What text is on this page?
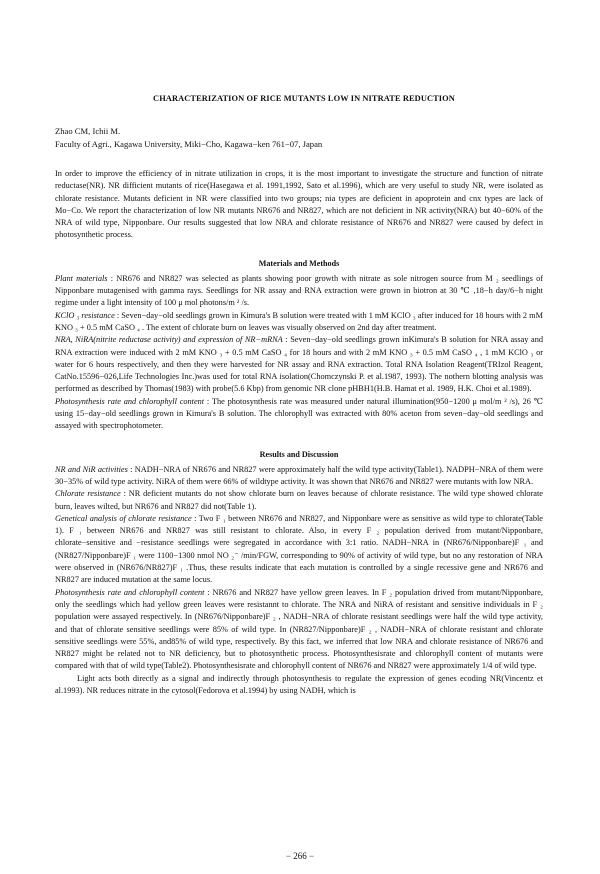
CHARACTERIZATION OF RICE MUTANTS LOW IN NITRATE REDUCTION
Zhao CM, Ichii M.
Faculty of Agri., Kagawa University, Miki−Cho, Kagawa−ken 761−07, Japan

In order to improve the efficiency of in nitrate utilization in crops, it is the most important to investigate the structure and function of nitrate reductase(NR). NR difficient mutants of rice(Hasegawa et al. 1991,1992, Sato et al.1996), which are very useful to study NR, were isolated as chlorate resistance. Mutants deficient in NR were classified into two groups; nia types are deficient in apoprotein and cnx types are lack of Mo−Co. We report the characterization of low NR mutants NR676 and NR827, which are not deficient in NR activity(NRA) but 40−60% of the NRA of wild type, Nipponbare. Our results suggested that low NRA and chlorate resistance of NR676 and NR827 were caused by defect in photosynthetic process.

Materials and Methods

Plant materials : NR676 and NR827 was selected as plants showing poor growth with nitrate as sole nitrogen source from M ₂ seedlings of Nipponbare mutagenised with gamma rays. Seedlings for NR assay and RNA extraction were grown in biotron at 30 ℃ ,18−h day/6−h night regime under a light intensity of 100 μ mol photons/m ² /s.

KClO ₃ resistance : Seven−day−old seedlings grown in Kimura's B solution were treated with 1 mM KClO ₃ after induced for 18 hours with 2 mM KNO ₃ + 0.5 mM CaSO ₄ . The extent of chlorate burn on leaves was visually observed on 2nd day after treatment.

NRA, NiRA(nitrite reductase activity) and expression of NR−mRNA : Seven−day−old seedlings grown inKimura's B solution for NRA assay and RNA extraction were induced with 2 mM KNO ₃ + 0.5 mM CaSO ₄ for 18 hours and with 2 mM KNO ₃ + 0.5 mM CaSO ₄ , 1 mM KClO ₃ or water for 6 hours respectively, and then they were harvested for NR assay and RNA extraction. Total RNA Isolation Reagent(TRIzol Reagent, CatNo.15596−026,Life Technologies Inc.)was used for total RNA isolation(Chomczynski P. et al.1987, 1993). The nothern blotting analysis was performed as described by Thomas(1983) with probe(5.6 Kbp) from genomic NR clone pHBH1(H.B. Hamat et al. 1989, H.K. Choi et al.1989).

Photosynthesis rate and chlorophyll content : The photosynthesis rate was measured under natural illumination(950−1200 μ mol/m ² /s), 26 ℃ using 15−day−old seedlings grown in Kimura's B solution. The chlorophyll was extracted with 80% aceton from seven−day−old seedlings and assayed with spectrophotometer.

Results and Discussion

NR and NiR activities : NADH−NRA of NR676 and NR827 were approximately half the wild type activity(Table1). NADPH−NRA of them were 30−35% of wild type activity. NiRA of them were 66% of wildtype activity. It was shown that NR676 and NR827 were mutants with low NRA.

Chlorate resistance : NR deficient mutants do not show chlorate burn on leaves because of chlorate resistance. The wild type showed chlorate burn, leaves wilted, but NR676 and NR827 did not(Table 1).

Genetical analysis of chlorate resistance : Two F ₁ between NR676 and NR827, and Nipponbare were as sensitive as wild type to chlorate(Table 1). F ₁ between NR676 and NR827 was still resistant to chlorate. Also, in every F ₂ population derived from mutant/Nipponbare, chlorate−sensitive and −resistance seedlings were segregated in accordance with 3:1 ratio. NADH−NRA in (NR676/Nipponbare)F ₁ and (NR827/Nipponbare)F ₁ were 1100−1300 nmol NO ₂⁻ /min/FGW, corresponding to 90% of activity of wild type, but no any restoration of NRA were observed in (NR676/NR827)F ₁ .Thus, these results indicate that each mutation is controlled by a single recessive gene and NR676 and NR827 are induced mutation at the same locus.

Photosynthesis rate and chlorophyll content : NR676 and NR827 have yellow green leaves. In F ₂ population drived from mutant/Nipponbare, only the seedlings which had yellow green leaves were resistannt to chlorate. The NRA and NiRA of resistant and sensitive individuals in F ₂ population were assayed respectively. In (NR676/Nipponbare)F ₂ , NADH−NRA of chlorate resistant seedlings were half the wild type activity, and that of chlorate sensitive seedlings were 85% of wild type. In (NR827/Nipponbare)F ₂ , NADH−NRA of chlorate resistant and chlorate sensitive seedlings were 55%, and85% of wild type, respectively. By this fact, we inferred that low NRA and chlorate resistance of NR676 and NR827 might be related not to NR deficiency, but to photosynthetic process. Photosynthesisrate and chlorophyll content of mutants were compared with that of wild type(Table2). Photosynthesisrate and chlorophyll content of NR676 and NR827 were approximately 1/4 of wild type.

Light acts both directly as a signal and indirectly through photosynthesis to regulate the expression of genes ecoding NR(Vincentz et al.1993). NR reduces nitrate in the cytosol(Fedorova et al.1994) by using NADH, which is

− 266 −
